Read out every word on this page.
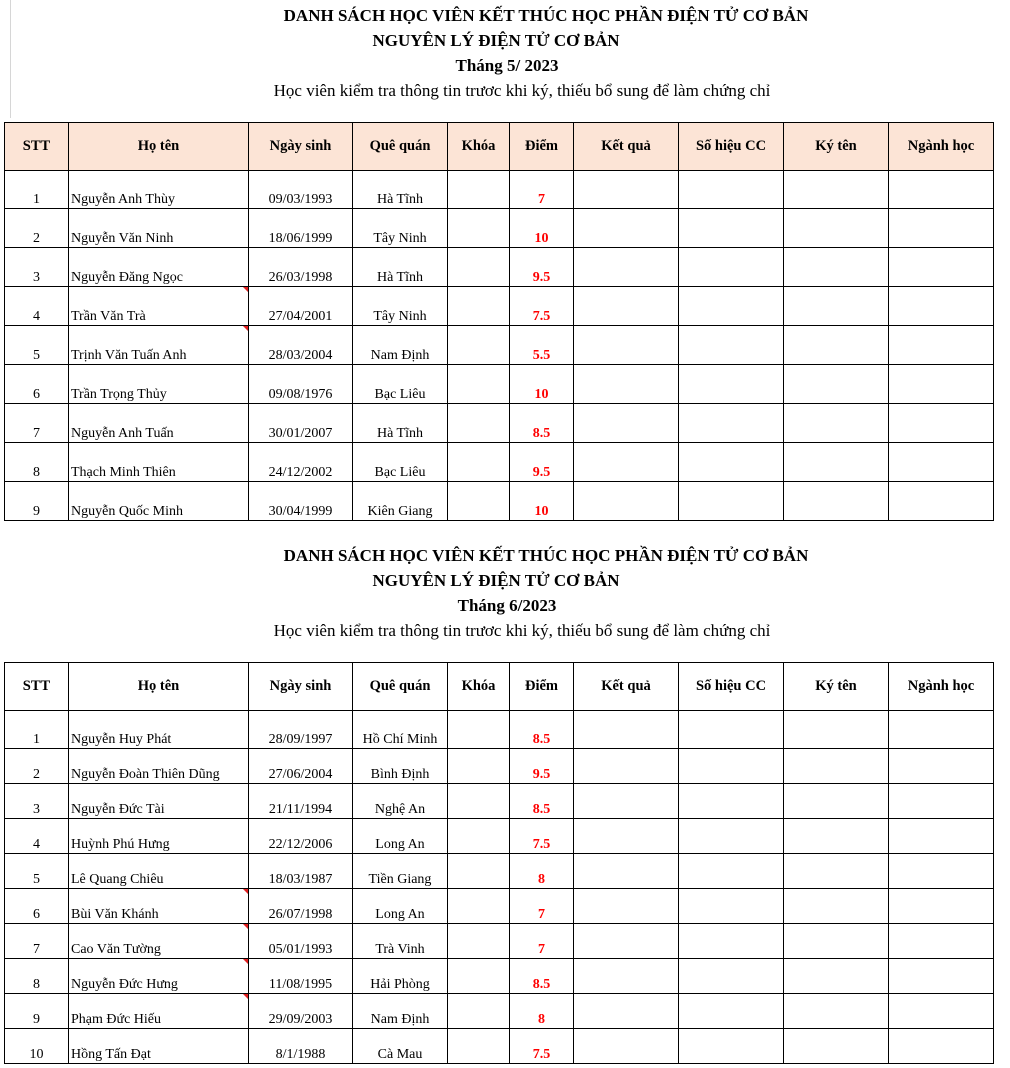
DANH SÁCH HỌC VIÊN KẾT THÚC HỌC PHẦN ĐIỆN TỬ CƠ BẢN
NGUYÊN LÝ ĐIỆN TỬ CƠ BẢN
Tháng 5/ 2023
Học viên kiểm tra thông tin trươc khi ký, thiếu bổ sung để làm chứng chỉ
STT	Họ tên	Ngày sinh	Quê quán	Khóa	Điểm	Kết quả	Số hiệu CC	Ký tên	Ngành học
1	Nguyễn Anh Thùy	09/03/1993	Hà Tĩnh		7				
2	Nguyễn Văn Ninh	18/06/1999	Tây Ninh		10				
3	Nguyễn Đăng Ngọc	26/03/1998	Hà Tĩnh		9.5				
4	Trần Văn Trà	27/04/2001	Tây Ninh		7.5				
5	Trịnh Văn Tuấn Anh	28/03/2004	Nam Định		5.5				
6	Trần Trọng Thủy	09/08/1976	Bạc Liêu		10				
7	Nguyễn Anh Tuấn	30/01/2007	Hà Tĩnh		8.5				
8	Thạch Minh Thiên	24/12/2002	Bạc Liêu		9.5				
9	Nguyễn Quốc Minh	30/04/1999	Kiên Giang		10				
DANH SÁCH HỌC VIÊN KẾT THÚC HỌC PHẦN ĐIỆN TỬ CƠ BẢN
NGUYÊN LÝ ĐIỆN TỬ CƠ BẢN
Tháng 6/2023
Học viên kiểm tra thông tin trươc khi ký, thiếu bổ sung để làm chứng chỉ
STT	Họ tên	Ngày sinh	Quê quán	Khóa	Điểm	Kết quả	Số hiệu CC	Ký tên	Ngành học
1	Nguyễn Huy Phát	28/09/1997	Hồ Chí Minh		8.5				
2	Nguyễn Đoàn Thiên Dũng	27/06/2004	Bình Định		9.5				
3	Nguyễn Đức Tài	21/11/1994	Nghệ An		8.5				
4	Huỳnh Phú Hưng	22/12/2006	Long An		7.5				
5	Lê Quang Chiêu	18/03/1987	Tiền Giang		8				
6	Bùi Văn Khánh	26/07/1998	Long An		7				
7	Cao Văn Tường	05/01/1993	Trà Vinh		7				
8	Nguyễn Đức Hưng	11/08/1995	Hải Phòng		8.5				
9	Phạm Đức Hiếu	29/09/2003	Nam Định		8				
10	Hồng Tấn Đạt	8/1/1988	Cà Mau		7.5				
